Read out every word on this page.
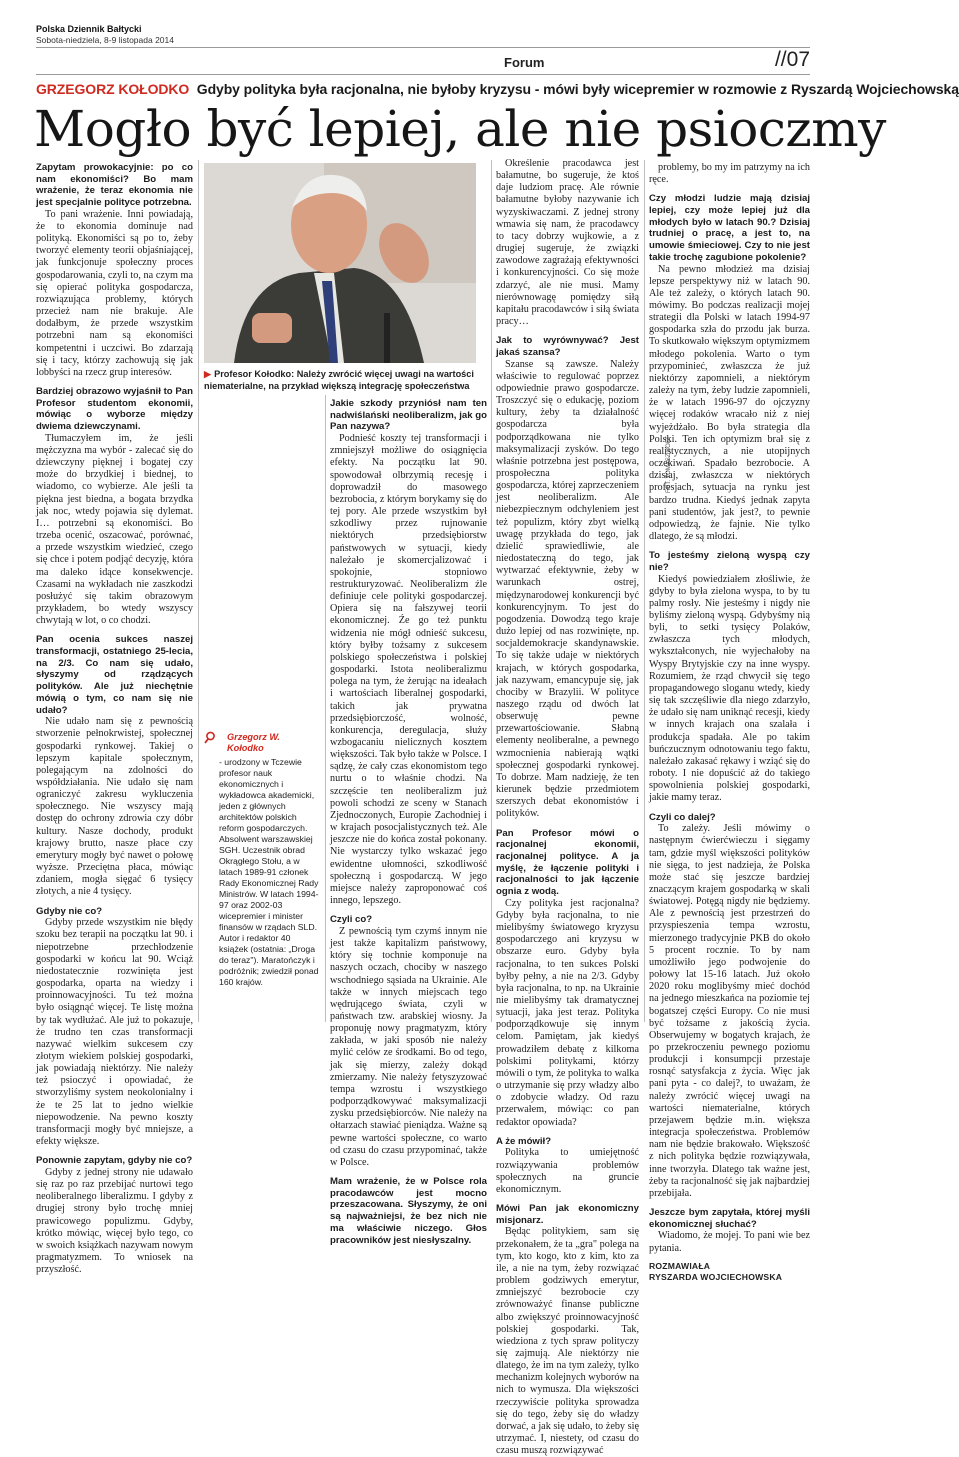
Polska Dziennik Bałtycki
Sobota-niedziela, 8-9 listopada 2014
Forum	//07
GRZEGORZ KOŁODKO Gdyby polityka była racjonalna, nie byłoby kryzysu - mówi były wicepremier w rozmowie z Ryszardą Wojciechowską
Mogło być lepiej, ale nie psioczmy

Zapytam prowokacyjnie: po co nam ekonomiści? Bo mam wrażenie, że teraz ekonomia nie jest specjalnie polityce potrzebna.

To pani wrażenie. Inni powiadają, że to ekonomia dominuje nad polityką. Ekonomiści są po to, żeby tworzyć elementy teorii objaśniającej, jak funkcjonuje społeczny proces gospodarowania, czyli to, na czym ma się opierać polityka gospodarcza, rozwiązująca problemy, których przecież nam nie brakuje. Ale dodałbym, że przede wszystkim potrzebni nam są ekonomiści kompetentni i uczciwi. Bo zdarzają się i tacy, którzy zachowują się jak lobbyści na rzecz grup interesów.

Bardziej obrazowo wyjaśnił to Pan Profesor studentom ekonomii, mówiąc o wyborze między dwiema dziewczynami.

Tłumaczyłem im, że jeśli mężczyzna ma wybór - zalecać się do dziewczyny pięknej i bogatej czy może do brzydkiej i biednej, to wiadomo, co wybierze. Ale jeśli ta piękna jest biedna, a bogata brzydka jak noc, wtedy pojawia się dylemat. I… potrzebni są ekonomiści. Bo trzeba ocenić, oszacować, porównać, a przede wszystkim wiedzieć, czego się chce i potem podjąć decyzję, która ma daleko idące konsekwencje. Czasami na wykładach nie zaszkodzi posłużyć się takim obrazowym przykładem, bo wtedy wszyscy chwytają w lot, o co chodzi.

Pan ocenia sukces naszej transformacji, ostatniego 25-lecia, na 2/3. Co nam się udało, słyszymy od rządzących polityków. Ale już niechętnie mówią o tym, co nam się nie udało?

Nie udało nam się z pewnością stworzenie pełnokrwistej, społecznej gospodarki rynkowej. Takiej o lepszym kapitale społecznym, polegającym na zdolności do współdziałania. Nie udało się nam ograniczyć zakresu wykluczenia społecznego. Nie wszyscy mają dostęp do ochrony zdrowia czy dóbr kultury. Nasze dochody, produkt krajowy brutto, nasze płace czy emerytury mogły być nawet o połowę wyższe. Przeciętna płaca, mówiąc zdaniem, mogła sięgać 6 tysięcy złotych, a nie 4 tysięcy.

Gdyby nie co?

Gdyby przede wszystkim nie błędy szoku bez terapii na początku lat 90. i niepotrzebne przechłodzenie gospodarki w końcu lat 90. Wciąż niedostatecznie rozwinięta jest gospodarka, oparta na wiedzy i proinnowacyjności. Tu też można było osiągnąć więcej. Te listę można by tak wydłużać. Ale już to pokazuje, że trudno ten czas transformacji nazywać wielkim sukcesem czy złotym wiekiem polskiej gospodarki, jak powiadają niektórzy. Nie należy też psioczyć i opowiadać, że stworzyliśmy system neokolonialny i że te 25 lat to jedno wielkie niepowodzenie. Na pewno koszty transformacji mogły być mniejsze, a efekty większe.

Ponownie zapytam, gdyby nie co?

Gdyby z jednej strony nie udawało się raz po raz przebijać nurtowi tego neoliberalnego liberalizmu. I gdyby z drugiej strony było trochę mniej prawicowego populizmu. Gdyby, krótko mówiąc, więcej było tego, co w swoich książkach nazywam nowym pragmatyzmem. To wniosek na przyszłość.

FOT. TOMASZ BOŁT
▶ Profesor Kołodko: Należy zwrócić więcej uwagi na wartości niematerialne, na przykład większą integrację społeczeństwa
Grzegorz W. Kołodko
- urodzony w Tczewie profesor nauk ekonomicznych i wykładowca akademicki, jeden z głównych architektów polskich reform gospodarczych. Absolwent warszawskiej SGH. Uczestnik obrad Okrągłego Stołu, a w latach 1989-91 członek Rady Ekonomicznej Rady Ministrów. W latach 1994-97 oraz 2002-03 wicepremier i minister finansów w rządach SLD. Autor i redaktor 40 książek (ostatnia: „Droga do teraz"). Maratończyk i podróżnik; zwiedził ponad 160 krajów.

Jakie szkody przyniósł nam ten nadwiślański neoliberalizm, jak go Pan nazywa?

Podnieść koszty tej transformacji i zmniejszył możliwe do osiągnięcia efekty. Na początku lat 90. spowodował olbrzymią recesję i doprowadził do masowego bezrobocia, z którym borykamy się do tej pory. Ale przede wszystkim był szkodliwy przez rujnowanie niektórych przedsiębiorstw państwowych w sytuacji, kiedy należało je skomercjalizować i spokojnie, stopniowo restrukturyzować. Neoliberalizm źle definiuje cele polityki gospodarczej. Opiera się na fałszywej teorii ekonomicznej. Źe go też punktu widzenia nie mógł odnieść sukcesu, który byłby tożsamy z sukcesem polskiego społeczeństwa i polskiej gospodarki. Istota neoliberalizmu polega na tym, że żerując na ideałach i wartościach liberalnej gospodarki, takich jak prywatna przedsiębiorczość, wolność, konkurencja, deregulacja, służy wzbogacaniu nielicznych kosztem większości. Tak było także w Polsce. I sądzę, że cały czas ekonomistom tego nurtu o to właśnie chodzi. Na szczęście ten neoliberalizm już powoli schodzi ze sceny w Stanach Zjednoczonych, Europie Zachodniej i w krajach posocjalistycznych też. Ale jeszcze nie do końca został pokonany. Nie wystarczy tylko wskazać jego ewidentne ułomności, szkodliwość społeczną i gospodarczą. W jego miejsce należy zaproponować coś innego, lepszego.

Czyli co?

Z pewnością tym czymś innym nie jest także kapitalizm państwowy, który się tochnie komponuje na naszych oczach, chociby w naszego wschodniego sąsiada na Ukrainie. Ale także w innych miejscach tego wędrującego świata, czyli w państwach tzw. arabskiej wiosny. Ja proponuję nowy pragmatyzm, który zakłada, w jaki sposób nie należy mylić celów ze środkami. Bo od tego, jak się mierzy, zależy dokąd zmierzamy. Nie należy fetyszyzować tempa wzrostu i wszystkiego podporządkowywać maksymalizacji zysku przedsiębiorców. Nie należy na ołtarzach stawiać pieniądza. Ważne są pewne wartości społeczne, co warto od czasu do czasu przypominać, także w Polsce.

Mam wrażenie, że w Polsce rola pracodawców jest mocno przeszacowana. Słyszymy, że oni są najważniejsi, że bez nich nie ma właściwie niczego. Głos pracowników jest niesłyszalny.

Określenie pracodawca jest bałamutne, bo sugeruje, że ktoś daje ludziom pracę. Ale równie bałamutne byłoby nazywanie ich wyzyskiwaczami. Z jednej strony wmawia się nam, że pracodawcy to tacy dobrzy wujkowie, a z drugiej sugeruje, że związki zawodowe zagrażają efektywności i konkurencyjności. Co się może zdarzyć, ale nie musi. Mamy nierównowagę pomiędzy siłą kapitału pracodawców i siłą świata pracy…

Jak to wyrównywać? Jest jakaś szansa?

Szanse są zawsze. Należy właściwie to regulować poprzez odpowiednie prawo gospodarcze. Troszczyć się o edukację, poziom kultury, żeby ta działalność gospodarcza była podporządkowana nie tylko maksymalizacji zysków. Do tego właśnie potrzebna jest postępowa, prospołeczna polityka gospodarcza, której zaprzeczeniem jest neoliberalizm. Ale niebezpiecznym odchyleniem jest też populizm, który zbyt wielką uwagę przykłada do tego, jak dzielić sprawiedliwie, ale niedostateczną do tego, jak wytwarzać efektywnie, żeby w warunkach ostrej, międzynarodowej konkurencji być konkurencyjnym. To jest do pogodzenia. Dowodzą tego kraje dużo lepiej od nas rozwinięte, np. socjaldemokracje skandynawskie. To się także udaje w niektórych krajach, w których gospodarka, jak nazywam, emancypuje się, jak chociby w Brazylii. W polityce naszego rządu od dwóch lat obserwuję pewne przewartościowanie. Słabną elementy neoliberalne, a pewnego wzmocnienia nabierają wątki społecznej gospodarki rynkowej. To dobrze. Mam nadzieję, że ten kierunek będzie przedmiotem szerszych debat ekonomistów i polityków.

Pan Profesor mówi o racjonalnej ekonomii, racjonalnej polityce. A ja myślę, że łączenie polityki i racjonalności to jak łączenie ognia z wodą.

Czy polityka jest racjonalna? Gdyby była racjonalna, to nie mielibyśmy światowego kryzysu gospodarczego ani kryzysu w obszarze euro. Gdyby była racjonalna, to ten sukces Polski byłby pełny, a nie na 2/3. Gdyby była racjonalna, to np. na Ukrainie nie mielibyśmy tak dramatycznej sytuacji, jaka jest teraz. Polityka podporządkowuje się innym celom. Pamiętam, jak kiedyś prowadziłem debatę z kilkoma polskimi politykami, którzy mówili o tym, że polityka to walka o utrzymanie się przy władzy albo o zdobycie władzy. Od razu przerwałem, mówiąc: co pan redaktor opowiada?

A że mówił?

Polityka to umiejętność rozwiązywania problemów społecznych na gruncie ekonomicznym.

Mówi Pan jak ekonomiczny misjonarz.

Będąc politykiem, sam się przekonałem, że ta „gra" polega na tym, kto kogo, kto z kim, kto za ile, a nie na tym, żeby rozwiązać problem godziwych emerytur, zmniejszyć bezrobocie czy zrównoważyć finanse publiczne albo zwiększyć proinnowacyjność polskiej gospodarki. Tak, wiedziona z tych spraw polityczy się zajmują. Ale niektórzy nie dlatego, że im na tym zależy, tylko mechanizm kolejnych wyborów na nich to wymusza. Dla większości rzeczywiście polityka sprowadza się do tego, żeby się do władzy dorwać, a jak się udało, to żeby się utrzymać. I, niestety, od czasu do czasu muszą rozwiązywać

problemy, bo my im patrzymy na ich ręce.

Czy młodzi ludzie mają dzisiaj lepiej, czy może lepiej już dla młodych było w latach 90.? Dzisiaj trudniej o pracę, a jest to, na umowie śmieciowej. Czy to nie jest takie trochę zagubione pokolenie?

Na pewno młodzież ma dzisiaj lepsze perspektywy niż w latach 90. Ale też zależy, o których latach 90. mówimy. Bo podczas realizacji mojej strategii dla Polski w latach 1994-97 gospodarka szła do przodu jak burza. To skutkowało większym optymizmem młodego pokolenia. Warto o tym przypominieć, zwłaszcza że już niektórzy zapomnieli, a niektórym zależy na tym, żeby ludzie zapomnieli, że w latach 1996-97 do ojczyzny więcej rodaków wracało niż z niej wyjeżdżało. Bo była strategia dla Polski. Ten ich optymizm brał się z realistycznych, a nie utopijnych oczekiwań. Spadało bezrobocie. A dzisiaj, zwłaszcza w niektórych profesjach, sytuacja na rynku jest bardzo trudna. Kiedyś jednak zapyta pani studentów, jak jest?, to pewnie odpowiedzą, że fajnie. Nie tylko dlatego, że są młodzi.

To jesteśmy zieloną wyspą czy nie?

Kiedyś powiedziałem złośliwie, że gdyby to była zielona wyspa, to by tu palmy rosły. Nie jesteśmy i nigdy nie byliśmy zieloną wyspą. Gdybyśmy nią byli, to setki tysięcy Polaków, zwłaszcza tych młodych, wykształconych, nie wyjechałoby na Wyspy Brytyjskie czy na inne wyspy. Rozumiem, że rząd chwycił się tego propagandowego sloganu wtedy, kiedy się tak szczęśliwie dla niego zdarzyło, że udało się nam uniknąć recesji, kiedy w innych krajach ona szalała i produkcja spadała. Ale po takim buńczucznym odnotowaniu tego faktu, należało zakasać rękawy i wziąć się do roboty. I nie dopuścić aż do takiego spowolnienia polskiej gospodarki, jakie mamy teraz.

Czyli co dalej?

To zależy. Jeśli mówimy o następnym ćwierćwieczu i sięgamy tam, gdzie myśl większości polityków nie sięga, to jest nadzieja, że Polska może stać się jeszcze bardziej znaczącym krajem gospodarką w skali światowej. Potęgą nigdy nie będziemy. Ale z pewnością jest przestrzeń do przyspieszenia tempa wzrostu, mierzonego tradycyjnie PKB do około 5 procent rocznie. To by nam umożliwiło jego podwojenie do połowy lat 15-16 latach. Już około 2020 roku moglibyśmy mieć dochód na jednego mieszkańca na poziomie tej bogatszej części Europy. Co nie musi być tożsame z jakością życia. Obserwujemy w bogatych krajach, że po przekroczeniu pewnego poziomu produkcji i konsumpcji przestaje rosnąć satysfakcja z życia. Więc jak pani pyta - co dalej?, to uważam, że należy zwrócić więcej uwagi na wartości niematerialne, których przejawem będzie m.in. większa integracja społeczeństwa. Problemów nam nie będzie brakowało. Większość z nich polityka będzie rozwiązywała, inne tworzyła. Dlatego tak ważne jest, żeby ta racjonalność się jak najbardziej przebijała.

Jeszcze bym zapytała, której myśli ekonomicznej słuchać?

Wiadomo, że mojej. To pani wie bez pytania.

ROZMAWIAŁA
RYSZARDA WOJCIECHOWSKA
